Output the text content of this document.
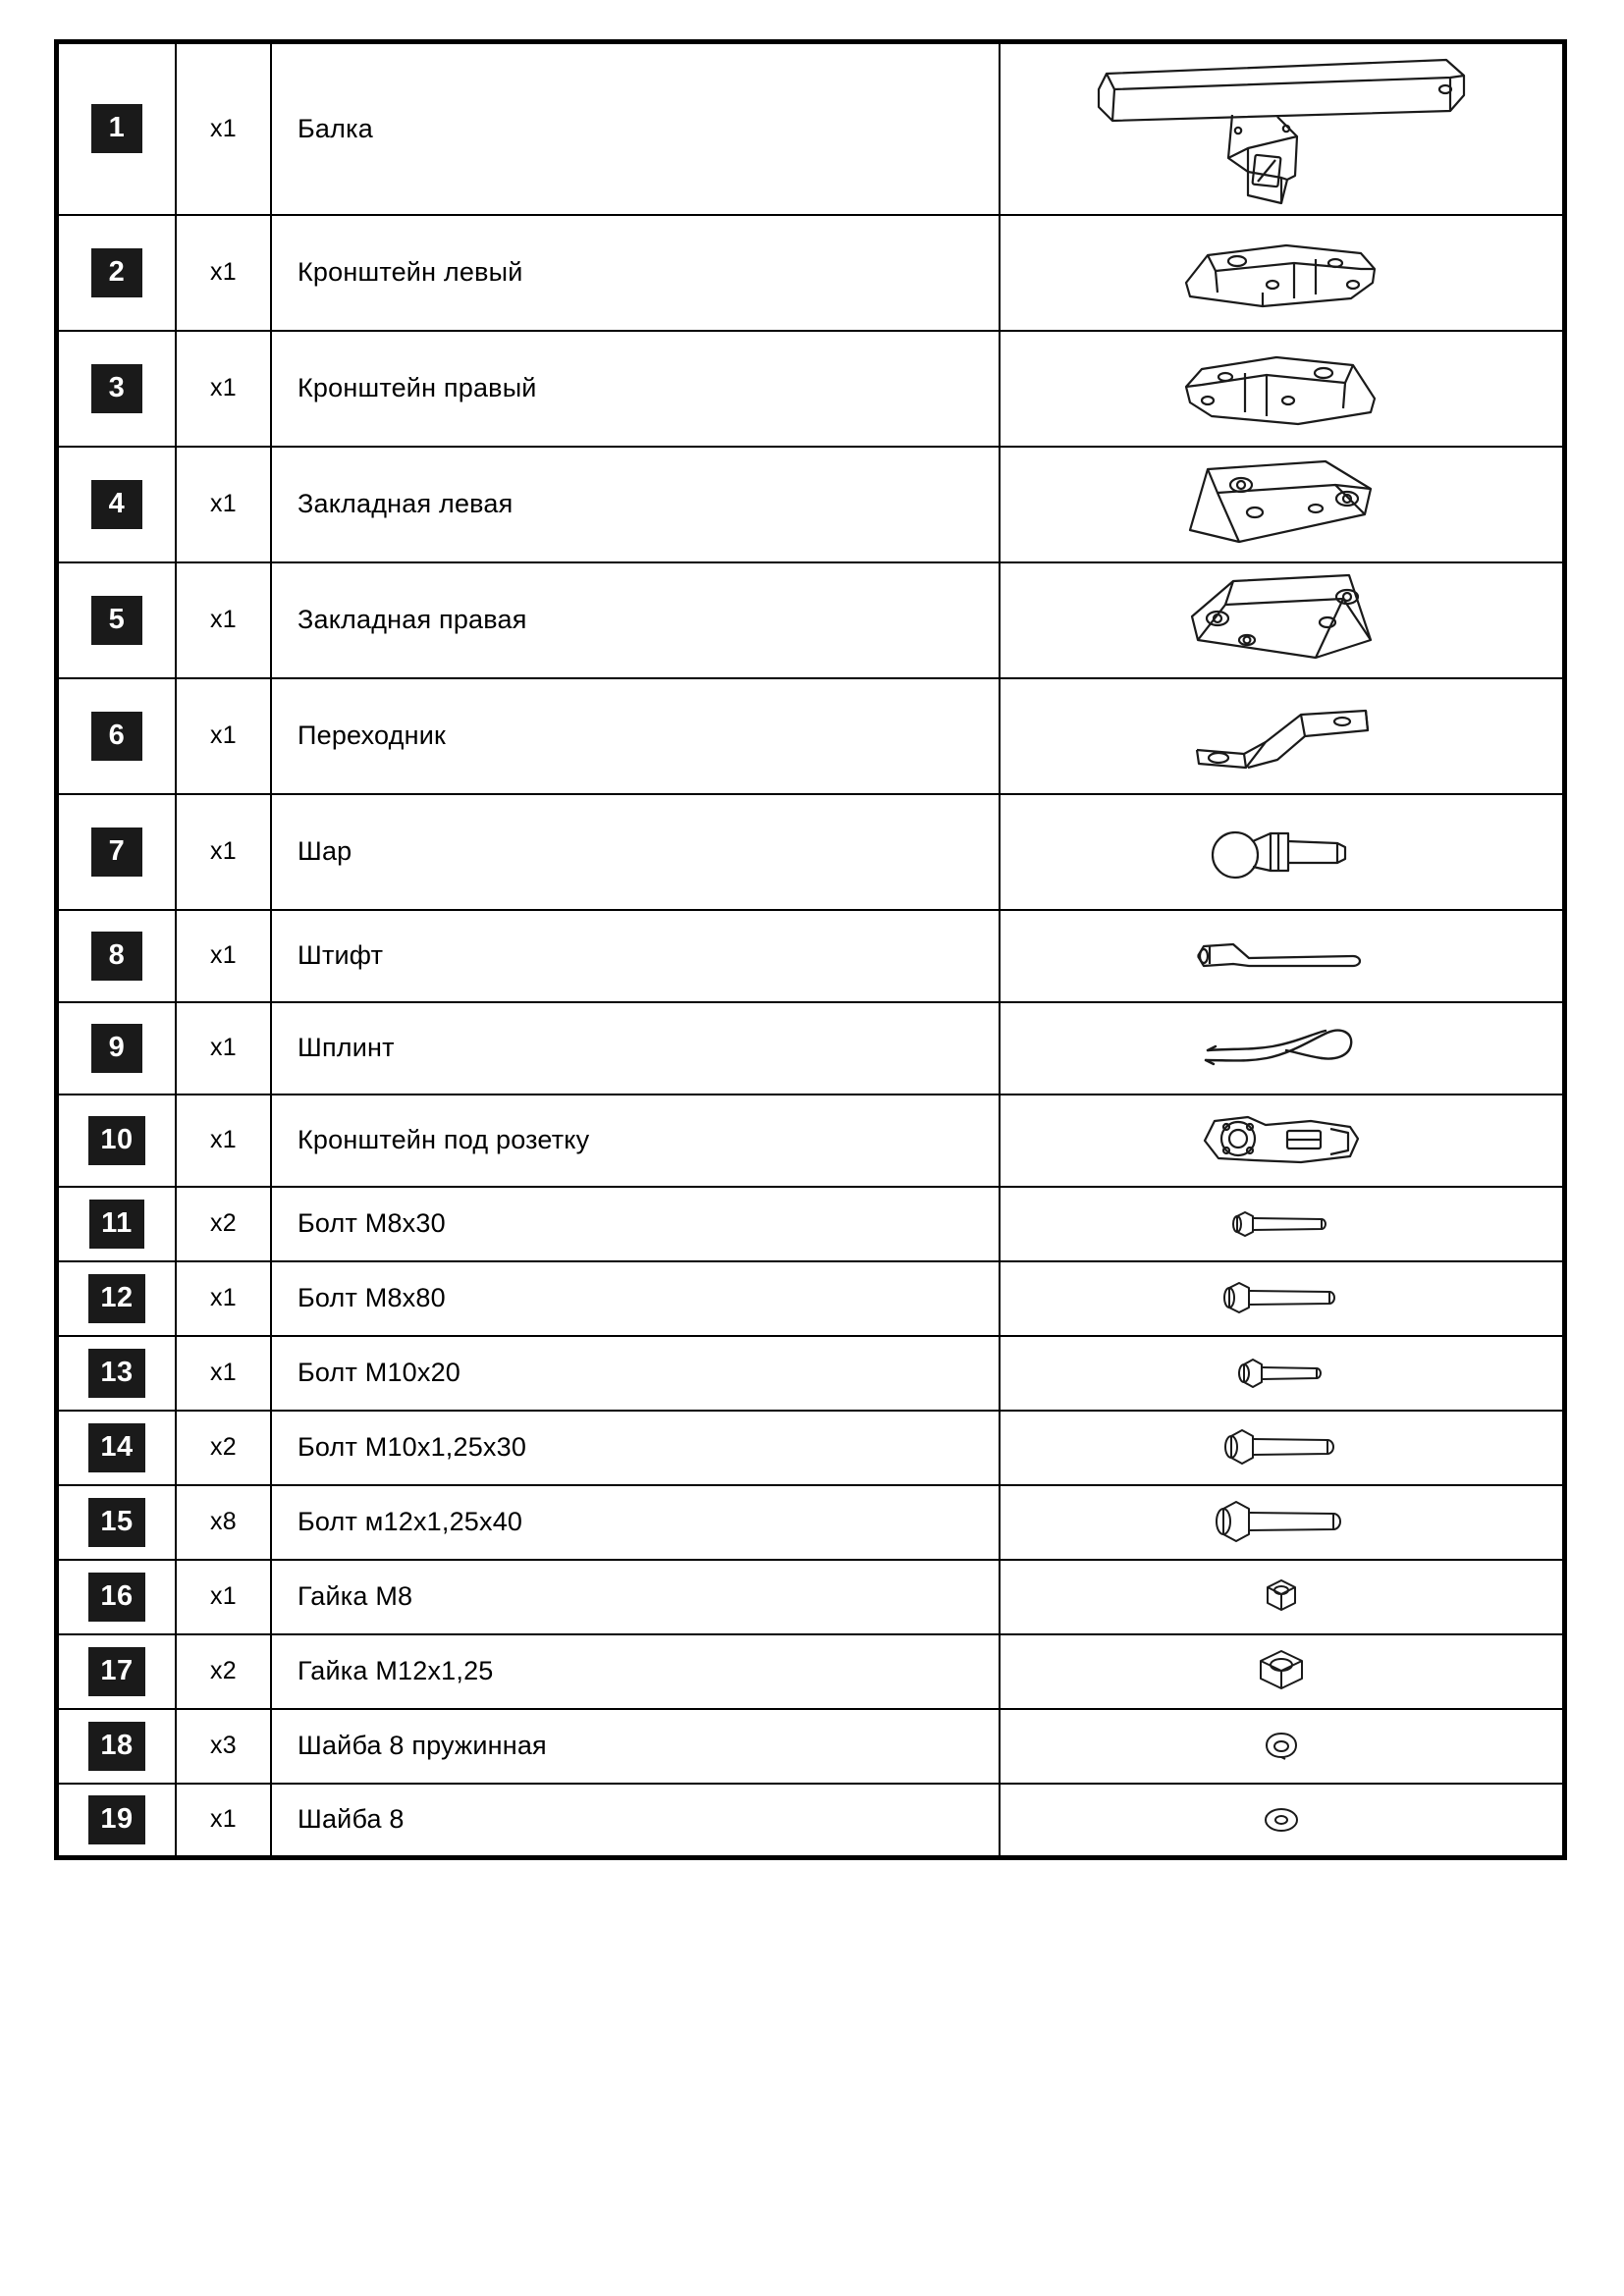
1	x1	Балка

2	x1	Кронштейн левый

3	x1	Кронштейн правый

4	x1	Закладная левая

5	x1	Закладная правая

6	x1	Переходник

7	x1	Шар

8	x1	Штифт

9	x1	Шплинт

10	x1	Кронштейн под розетку

11	x2	Болт M8x30

12	x1	Болт M8x80

13	x1	Болт M10x20

14	x2	Болт M10x1,25x30

15	x8	Болт м12x1,25x40

16	x1	Гайка М8

17	x2	Гайка M12x1,25

18	x3	Шайба 8 пружинная

19	x1	Шайба 8
